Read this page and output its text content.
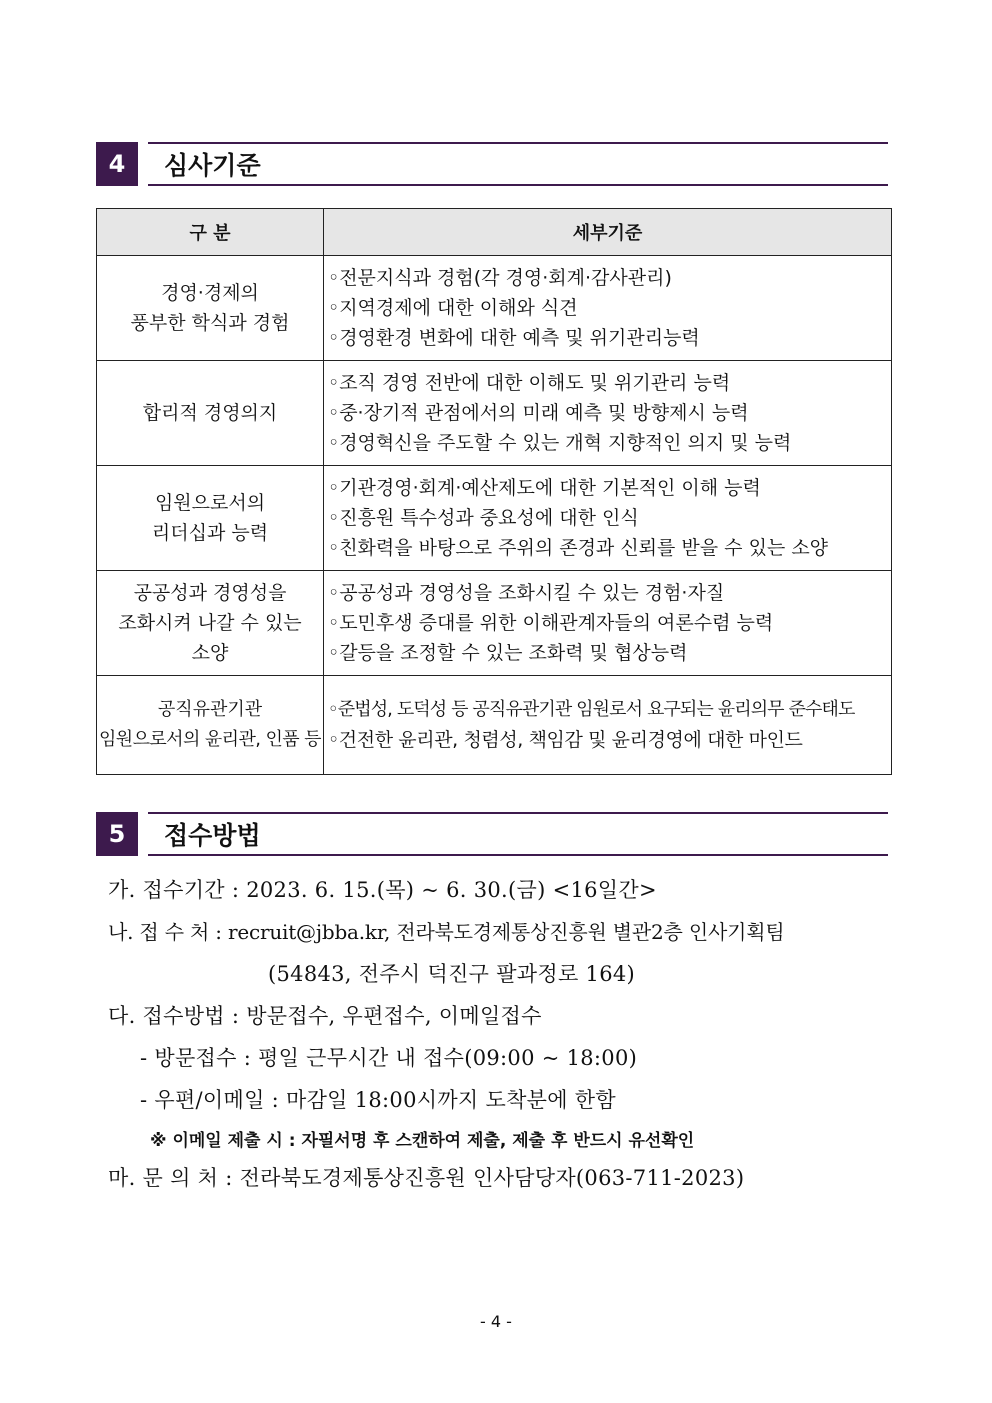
4	심사기준
구 분	세부기준

경영·경제의
풍부한 학식과 경험	◦전문지식과 경험(각 경영·회계·감사관리)
◦지역경제에 대한 이해와 식견
◦경영환경 변화에 대한 예측 및 위기관리능력

합리적 경영의지	◦조직 경영 전반에 대한 이해도 및 위기관리 능력
◦중·장기적 관점에서의 미래 예측 및 방향제시 능력
◦경영혁신을 주도할 수 있는 개혁 지향적인 의지 및 능력

임원으로서의
리더십과 능력	◦기관경영·회계·예산제도에 대한 기본적인 이해 능력
◦진흥원 특수성과 중요성에 대한 인식
◦친화력을 바탕으로 주위의 존경과 신뢰를 받을 수 있는 소양

공공성과 경영성을
조화시켜 나갈 수 있는
소양	◦공공성과 경영성을 조화시킬 수 있는 경험·자질
◦도민후생 증대를 위한 이해관계자들의 여론수렴 능력
◦갈등을 조정할 수 있는 조화력 및 협상능력

공직유관기관
임원으로서의 윤리관, 인품 등	◦준법성, 도덕성 등 공직유관기관 임원로서 요구되는 윤리의무 준수태도
◦건전한 윤리관, 청렴성, 책임감 및 윤리경영에 대한 마인드
5	접수방법
가. 접수기간 : 2023. 6. 15.(목) ~ 6. 30.(금) <16일간>
나. 접 수 처 : recruit@jbba.kr, 전라북도경제통상진흥원 별관2층 인사기획팀
(54843, 전주시 덕진구 팔과정로 164)
다. 접수방법 : 방문접수, 우편접수, 이메일접수
- 방문접수 : 평일 근무시간 내 접수(09:00 ~ 18:00)
- 우편/이메일 : 마감일 18:00시까지 도착분에 한함
※ 이메일 제출 시 : 자필서명 후 스캔하여 제출, 제출 후 반드시 유선확인
마. 문 의 처 : 전라북도경제통상진흥원 인사담당자(063-711-2023)
- 4 -
